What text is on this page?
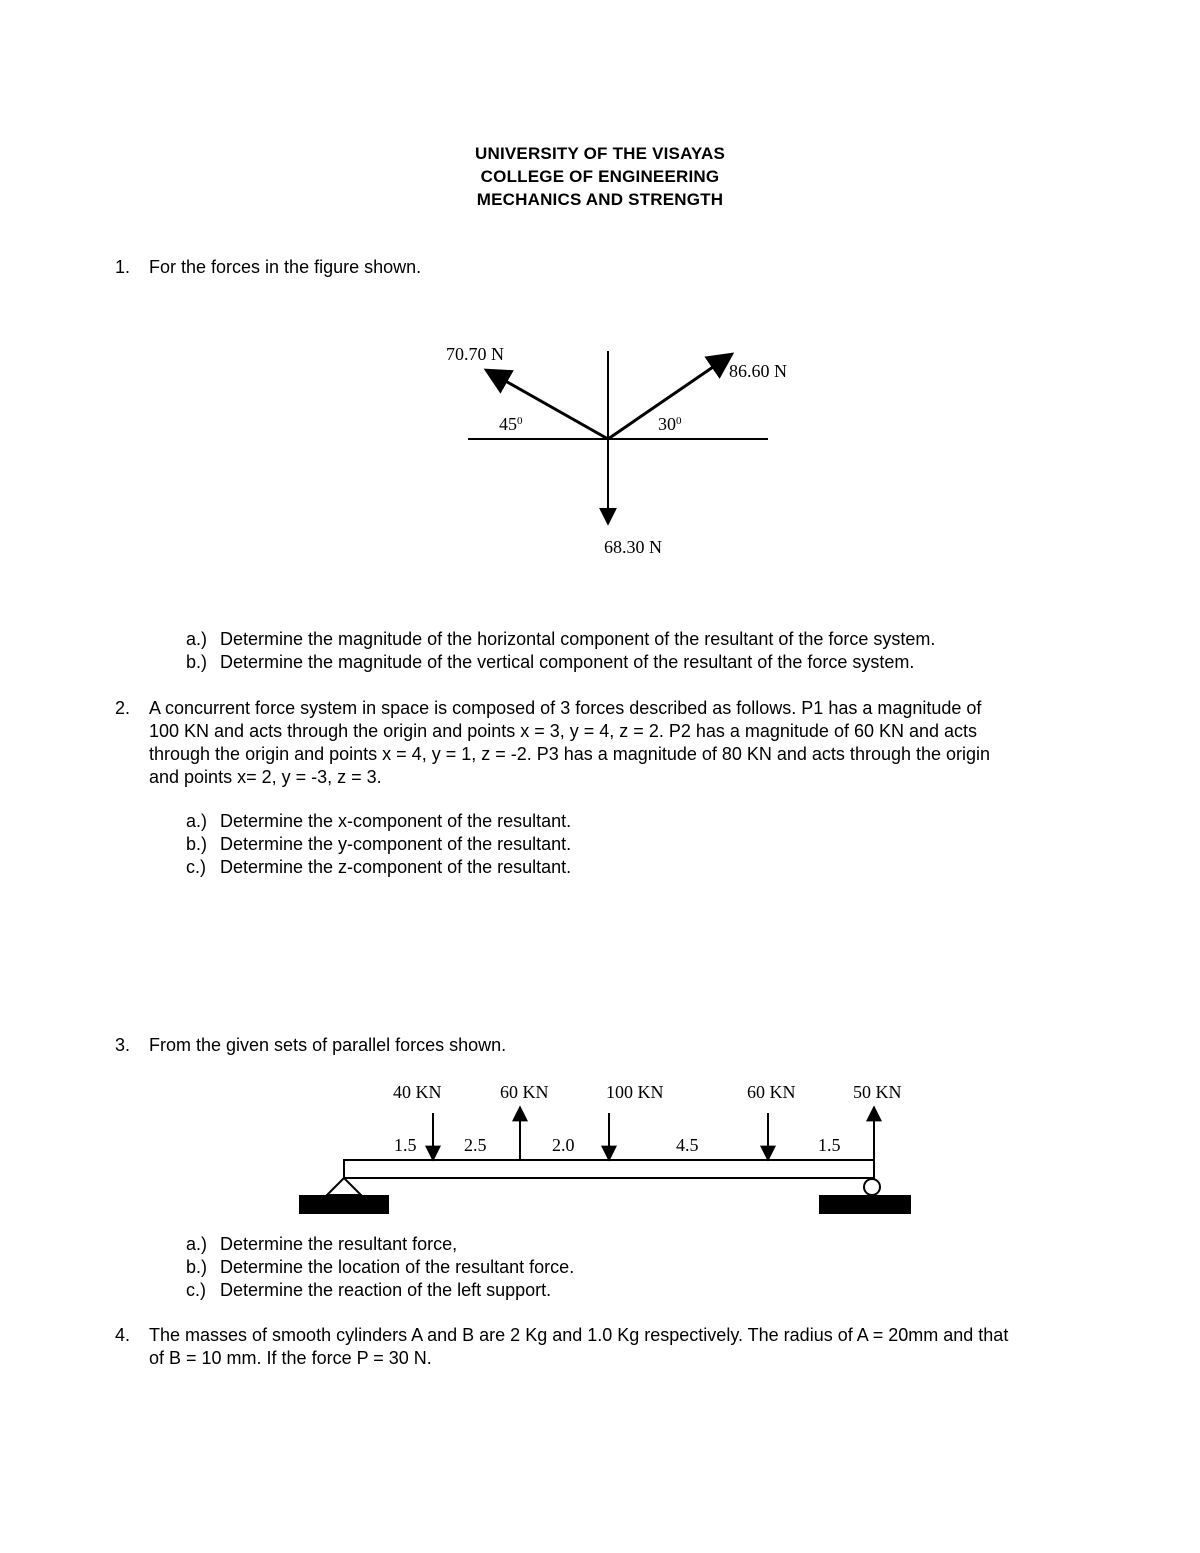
UNIVERSITY OF THE VISAYAS
COLLEGE OF ENGINEERING
MECHANICS AND STRENGTH
1. For the forces in the figure shown.
70.70 N
86.60 N
68.30 N
$45^0$	$30^0$
a.) Determine the magnitude of the horizontal component of the resultant of the force system.
b.) Determine the magnitude of the vertical component of the resultant of the force system.
2. A concurrent force system in space is composed of 3 forces described as follows. P1 has a magnitude of
100 KN and acts through the origin and points x = 3, y = 4, z = 2. P2 has a magnitude of 60 KN and acts
through the origin and points x = 4, y = 1, z = -2. P3 has a magnitude of 80 KN and acts through the origin
and points x= 2, y = -3, z = 3.
a.) Determine the x-component of the resultant.
b.) Determine the y-component of the resultant.
c.) Determine the z-component of the resultant.
3. From the given sets of parallel forces shown.
40 KN	60 KN	100 KN	60 KN	50 KN
1.5	2.5	2.0	4.5	1.5
a.) Determine the resultant force,
b.) Determine the location of the resultant force.
c.) Determine the reaction of the left support.
4. The masses of smooth cylinders A and B are 2 Kg and 1.0 Kg respectively. The radius of A = 20mm and that
of B = 10 mm. If the force P = 30 N.
